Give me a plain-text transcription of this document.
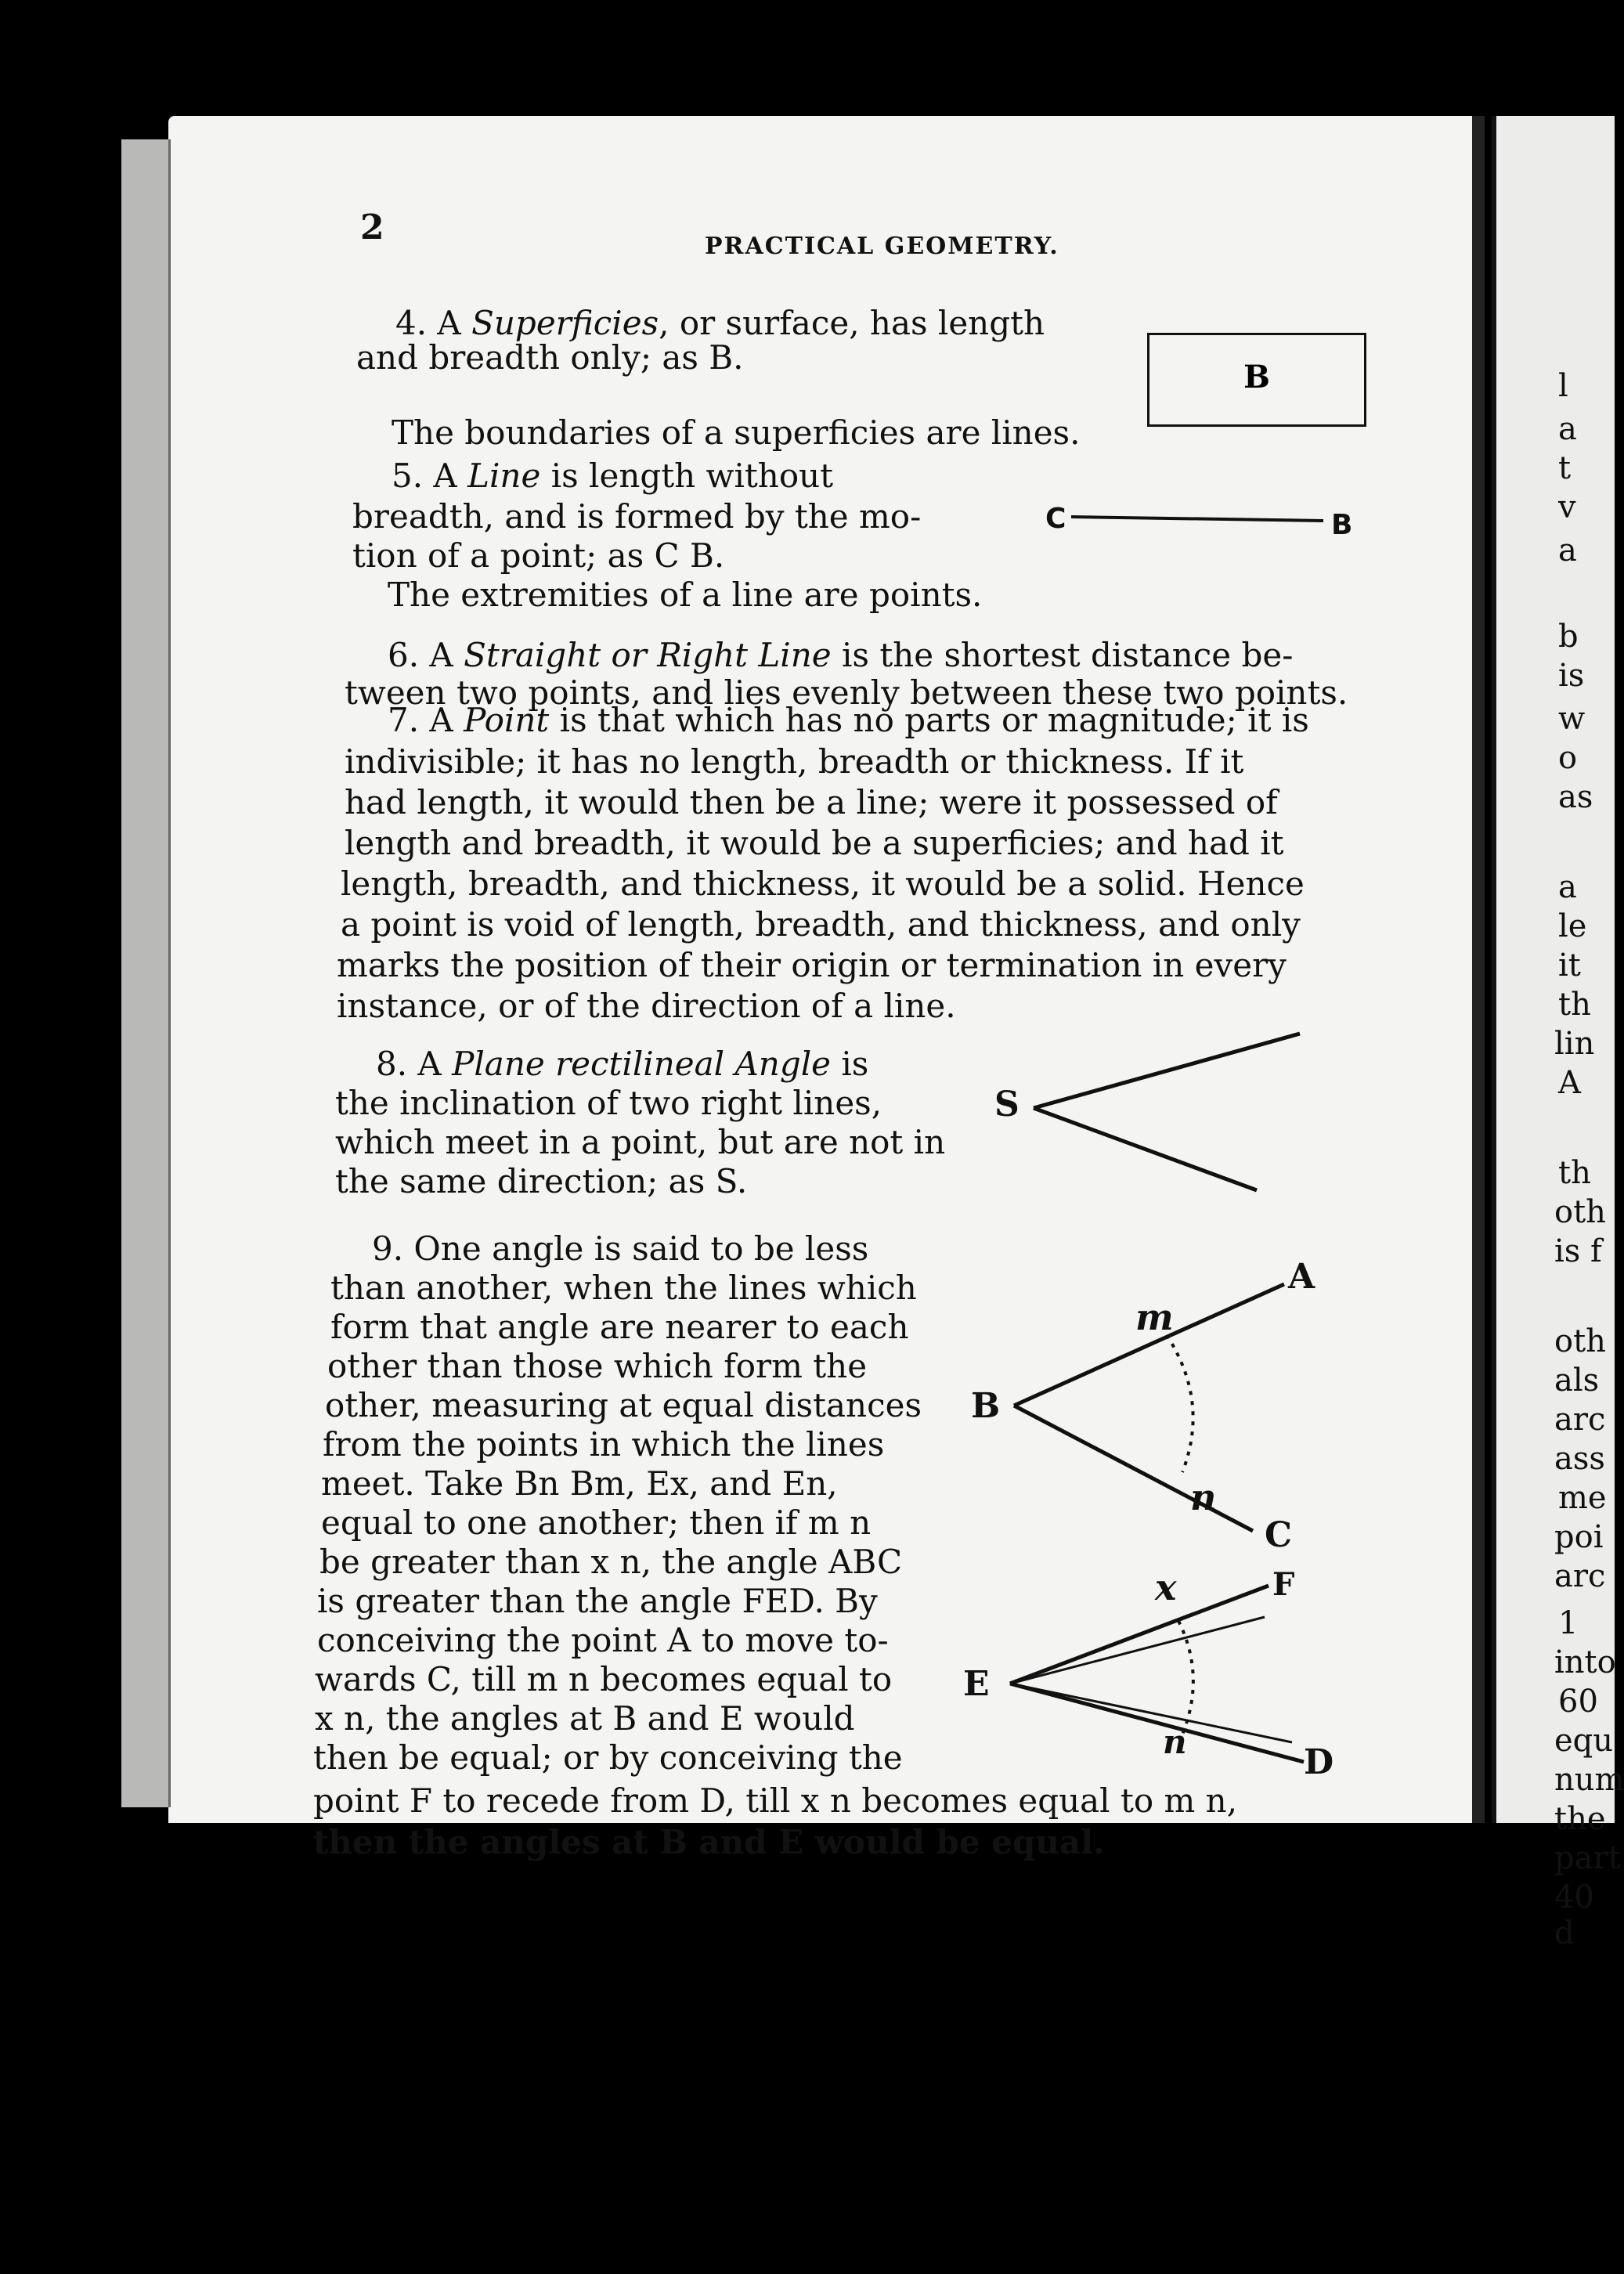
2	PRACTICAL GEOMETRY.
B
4. A Superficies, or surface, has length
and breadth only; as B.
The boundaries of a superficies are lines.
5. A Line is length without
breadth, and is formed by the mo-
tion of a point; as C B.
The extremities of a line are points.
C	B
6. A Straight or Right Line is the shortest distance be-
tween two points, and lies evenly between these two points.
7. A Point is that which has no parts or magnitude; it is
indivisible; it has no length, breadth or thickness. If it
had length, it would then be a line; were it possessed of
length and breadth, it would be a superficies; and had it
length, breadth, and thickness, it would be a solid. Hence
a point is void of length, breadth, and thickness, and only
marks the position of their origin or termination in every
instance, or of the direction of a line.
8. A Plane rectilineal Angle is
the inclination of two right lines,
which meet in a point, but are not in
the same direction; as S.
9. One angle is said to be less
than another, when the lines which
form that angle are nearer to each
other than those which form the
other, measuring at equal distances
from the points in which the lines
meet. Take Bn Bm, Ex, and En,
equal to one another; then if m n
be greater than x n, the angle ABC
is greater than the angle FED. By
conceiving the point A to move to-
wards C, till m n becomes equal to
x n, the angles at B and E would
then be equal; or by conceiving the
point F to recede from D, till x n becomes equal to m n,
then the angles at B and E would be equal.
S
B
A
C
m
n
E
F
D
x
n
l
a
t
v
a
b
is
w
o
as
a
le
it
th
lin
A
th
oth
is f
oth
als
arc
ass
me
poi
arc
1
into
60
equ
num
the
part
40 d
